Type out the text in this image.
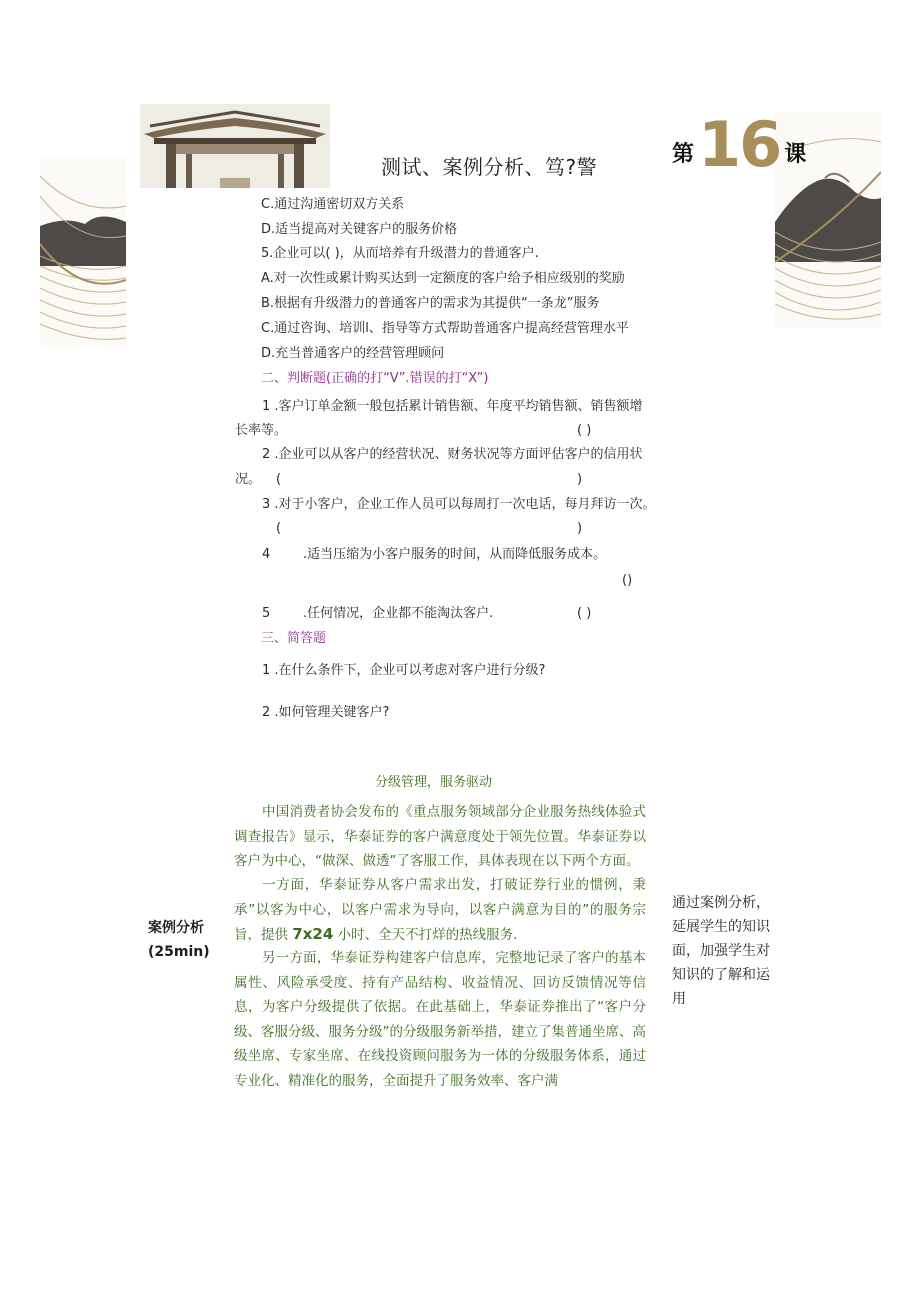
测试、案例分析、笃?警
第 16 课
C.通过沟通密切双方关系
D.适当提高对关键客户的服务价格
5.企业可以( )，从而培养有升级潜力的普通客户.
A.对一次性或累计购买达到一定额度的客户给予相应级别的奖励
B.根据有升级潜力的普通客户的需求为其提供“一条龙”服务
C.通过咨询、培训l、指导等方式帮助普通客户提高经营管理水平
D.充当普通客户的经营管理顾问
二、判断题(正确的打“V”.错误的打“X”)
1 .客户订单金额一般包括累计销售额、年度平均销售额、销售额增
长率等。	( )
2 .企业可以从客户的经营状况、财务状况等方面评估客户的信用状
况。 (	)
3 .对于小客户，企业工作人员可以每周打一次电话，每月拜访一次。
(	)
4	.适当压缩为小客户服务的时间，从而降低服务成本。
()
5	.任何情况，企业都不能淘汰客户.	( )
三、简答题
1 .在什么条件下，企业可以考虑对客户进行分级?
2 .如何管理关键客户?
分级管理，服务驱动
案例分析
(25min)
中国消费者协会发布的《重点服务领域部分企业服务热线体验式调查报告》显示，华泰证券的客户满意度处于领先位置。华泰证券以客户为中心，“做深、做透”了客服工作，具体表现在以下两个方面。
一方面，华泰证券从客户需求出发，打破证券行业的惯例，秉承”以客为中心，以客户需求为导向，以客户满意为目的”的服务宗旨，提供 7x24 小时、全天不打烊的热线服务.
另一方面，华泰证券构建客户信息库，完整地记录了客户的基本属性、风险承受度、持有产品结构、收益情况、回访反馈情况等信息，为客户分级提供了依据。在此基础上，华泰证券推出了“客户分级、客服分级、服务分级”的分级服务新举措，建立了集普通坐席、高级坐席、专家坐席、在线投资顾问服务为一体的分级服务体系，通过专业化、精准化的服务，全面提升了服务效率、客户满
通过案例分析，延展学生的知识面，加强学生对知识的了解和运用
